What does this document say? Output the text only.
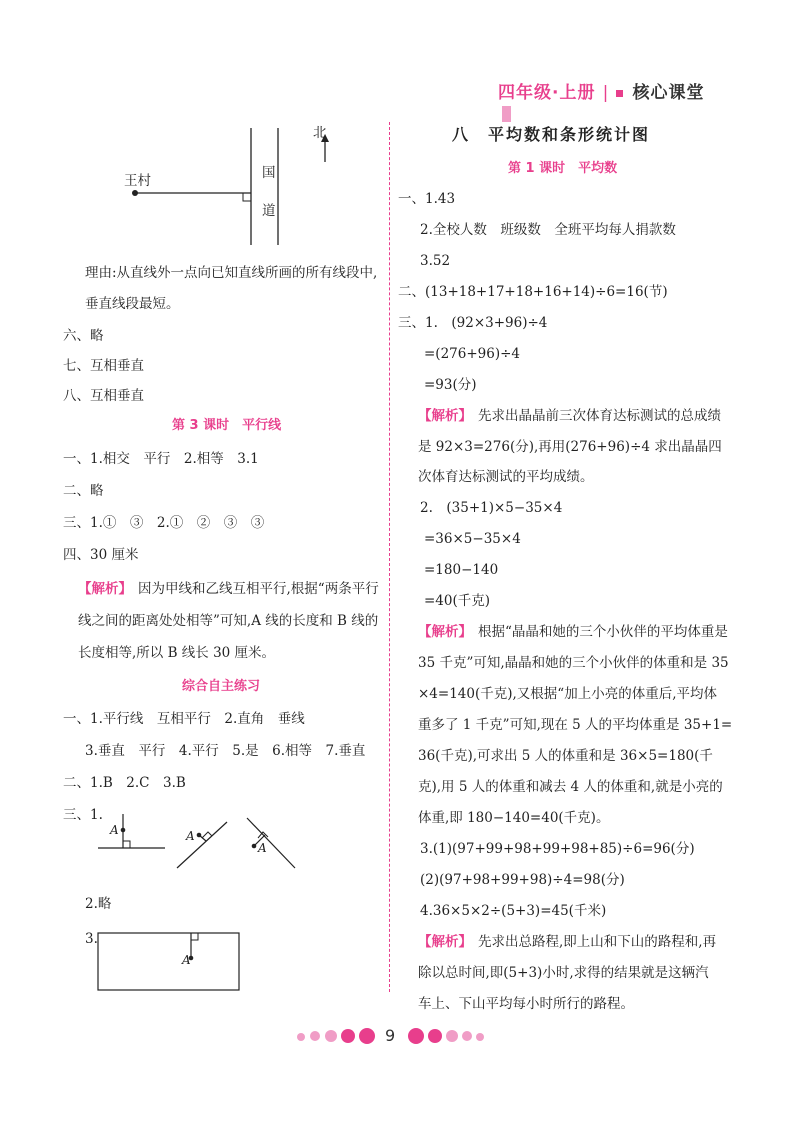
四年级·上册 | 核心课堂
北
王村	国
道
理由:从直线外一点向已知直线所画的所有线段中,
垂直线段最短。
六、略
七、互相垂直
八、互相垂直
第 3 课时　平行线
一、1.相交　平行　2.相等　3.1
二、略
三、1.①　③　2.①　②　③　③
四、30 厘米
【解析】 因为甲线和乙线互相平行,根据“两条平行
线之间的距离处处相等”可知,A 线的长度和 B 线的
长度相等,所以 B 线长 30 厘米。
综合自主练习
一、1.平行线　互相平行　2.直角　垂线
3.垂直　平行　4.平行　5.是　6.相等　7.垂直
二、1.B　2.C　3.B
三、1.
A	A
A
2.略
3.
A
八　平均数和条形统计图
第 1 课时　平均数
一、1.43
2.全校人数　班级数　全班平均每人捐款数
3.52
二、(13+18+17+18+16+14)÷6=16(节)
三、1.　(92×3+96)÷4
=(276+96)÷4
=93(分)
【解析】 先求出晶晶前三次体育达标测试的总成绩
是 92×3=276(分),再用(276+96)÷4 求出晶晶四
次体育达标测试的平均成绩。
2.　(35+1)×5−35×4
=36×5−35×4
=180−140
=40(千克)
【解析】 根据“晶晶和她的三个小伙伴的平均体重是
35 千克”可知,晶晶和她的三个小伙伴的体重和是 35
×4=140(千克),又根据“加上小亮的体重后,平均体
重多了 1 千克”可知,现在 5 人的平均体重是 35+1=
36(千克),可求出 5 人的体重和是 36×5=180(千
克),用 5 人的体重和减去 4 人的体重和,就是小亮的
体重,即 180−140=40(千克)。
3.(1)(97+99+98+99+98+85)÷6=96(分)
(2)(97+98+99+98)÷4=98(分)
4.36×5×2÷(5+3)=45(千米)
【解析】 先求出总路程,即上山和下山的路程和,再
除以总时间,即(5+3)小时,求得的结果就是这辆汽
车上、下山平均每小时所行的路程。
9
